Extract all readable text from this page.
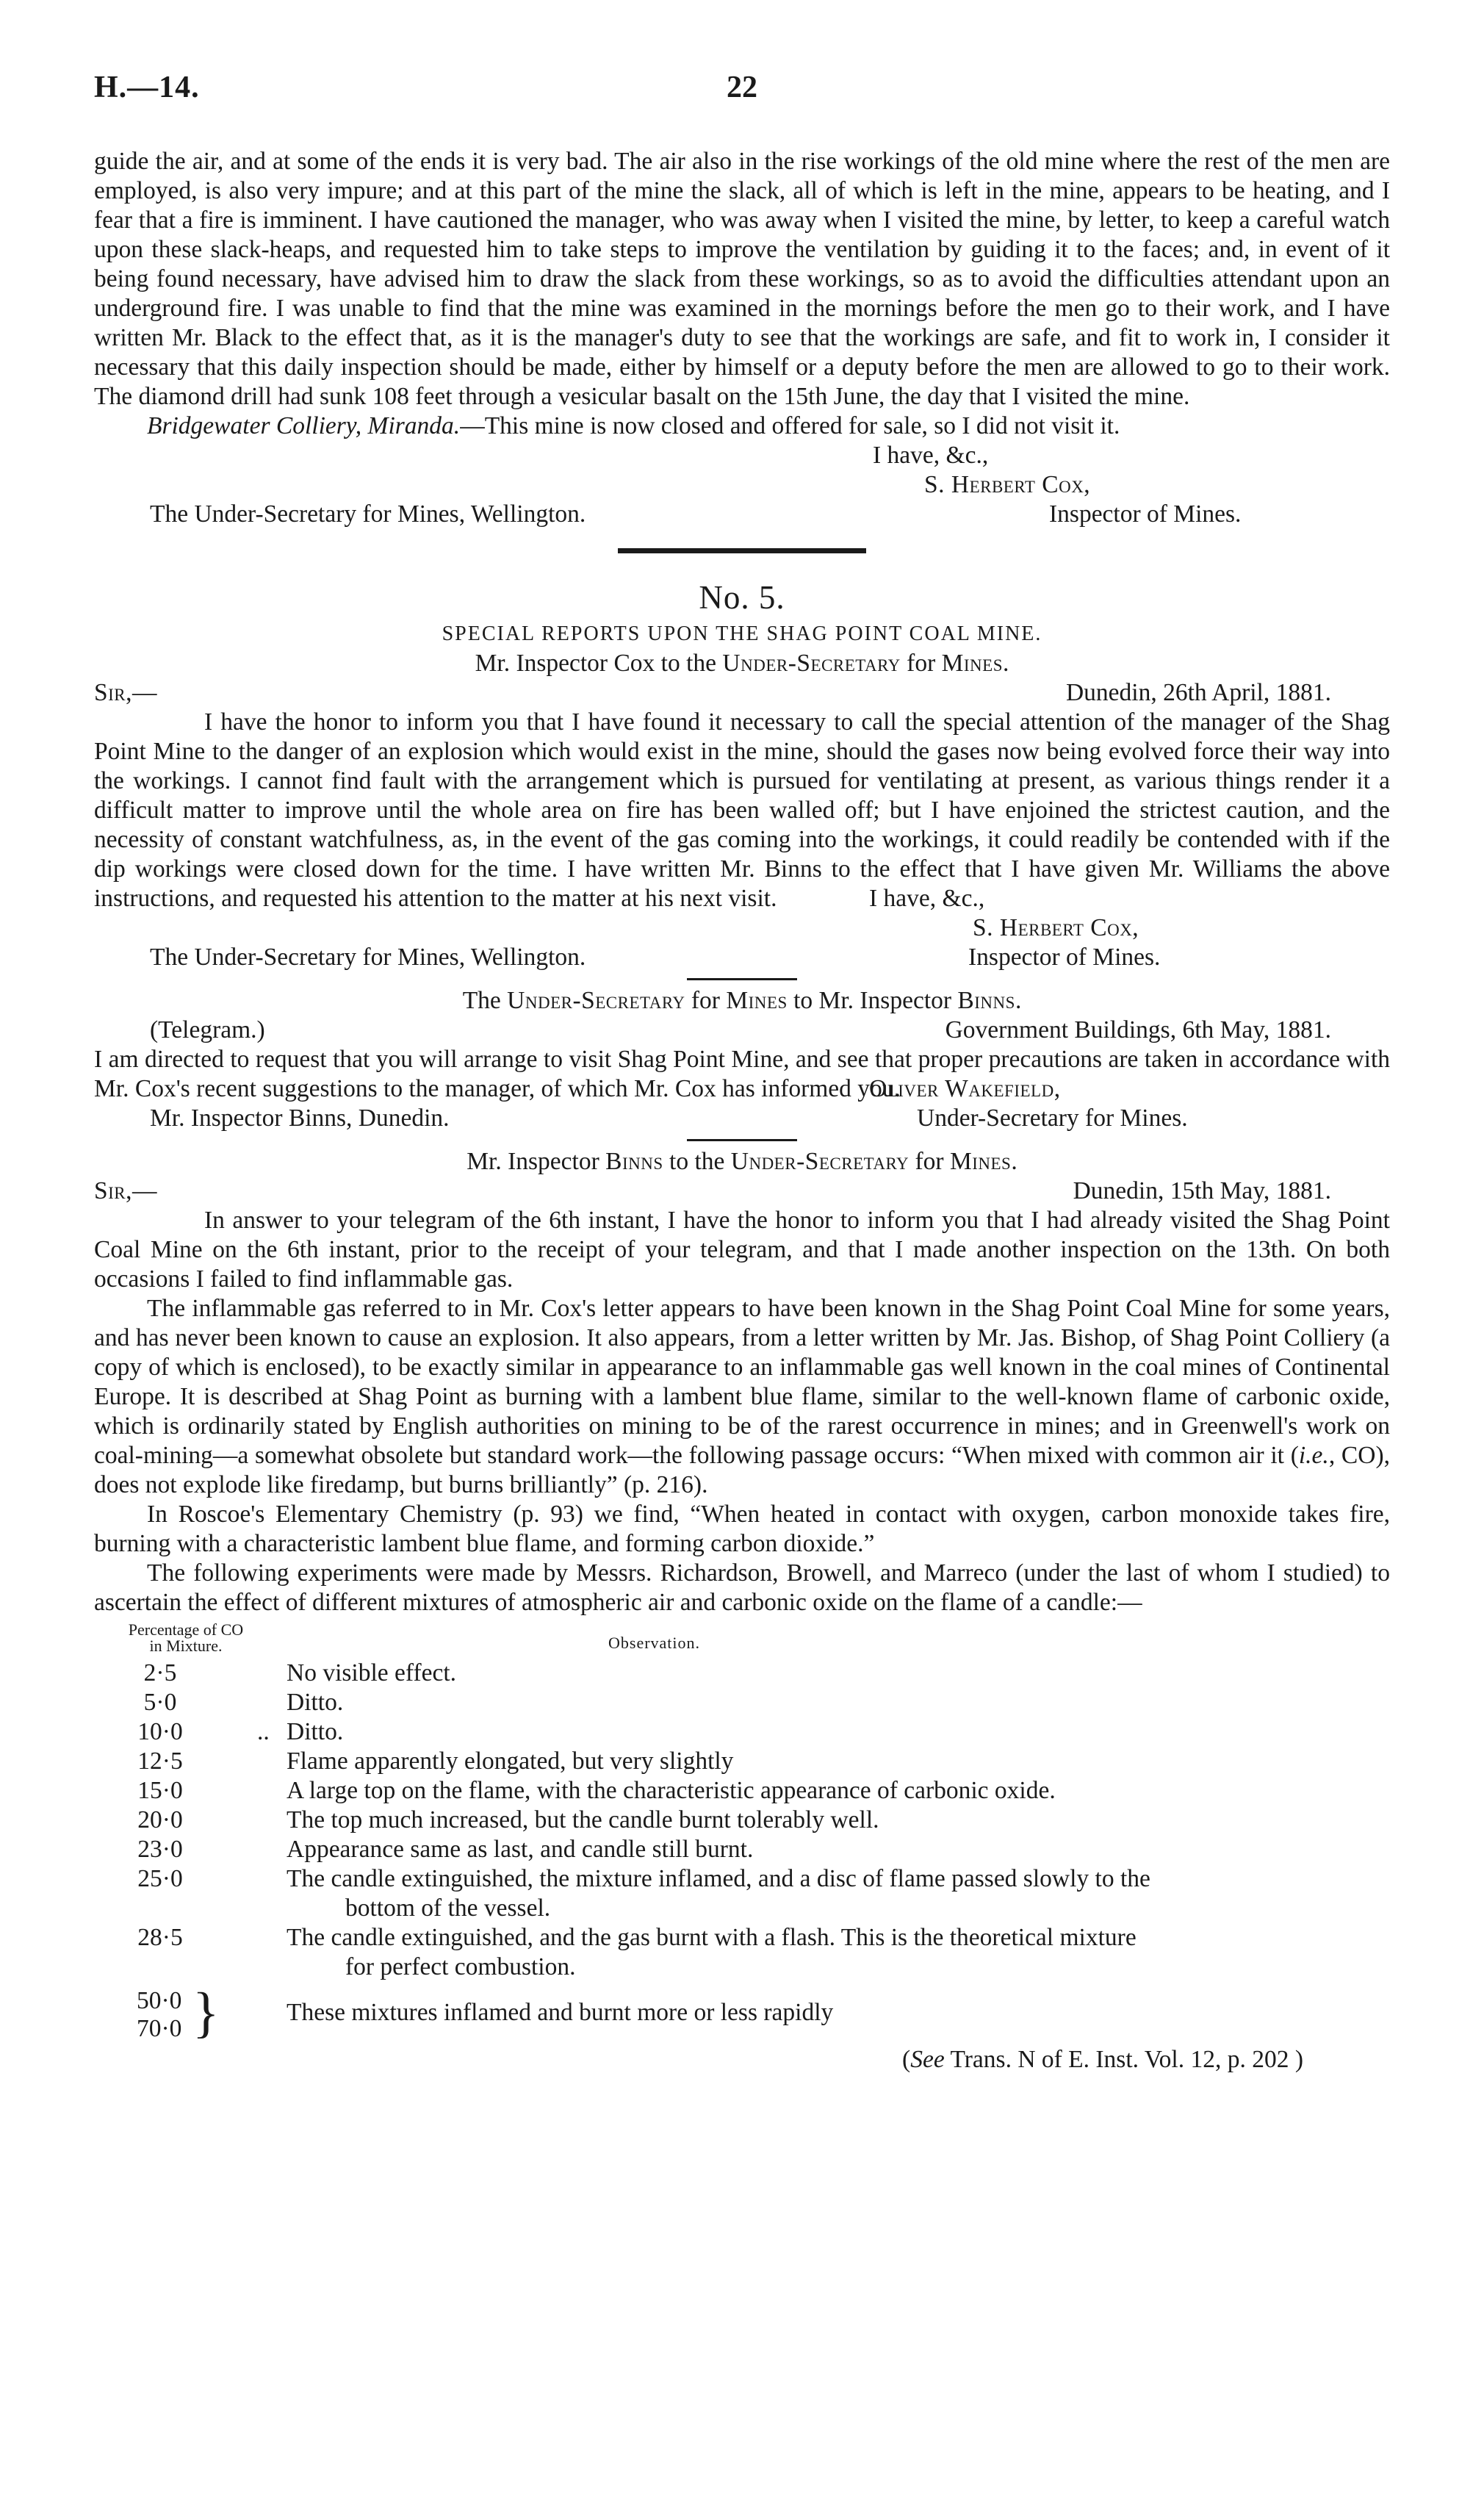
H.—14.	22

guide the air, and at some of the ends it is very bad. The air also in the rise workings of the old mine where the rest of the men are employed, is also very impure; and at this part of the mine the slack, all of which is left in the mine, appears to be heating, and I fear that a fire is imminent. I have cautioned the manager, who was away when I visited the mine, by letter, to keep a careful watch upon these slack-heaps, and requested him to take steps to improve the ventilation by guiding it to the faces; and, in event of it being found necessary, have advised him to draw the slack from these workings, so as to avoid the difficulties attendant upon an underground fire. I was unable to find that the mine was examined in the mornings before the men go to their work, and I have written Mr. Black to the effect that, as it is the manager's duty to see that the workings are safe, and fit to work in, I consider it necessary that this daily inspection should be made, either by himself or a deputy before the men are allowed to go to their work. The diamond drill had sunk 108 feet through a vesicular basalt on the 15th June, the day that I visited the mine.

Bridgewater Colliery, Miranda.—This mine is now closed and offered for sale, so I did not visit it.

I have, &c.,
S. Herbert Cox,
The Under-Secretary for Mines, Wellington.	Inspector of Mines.
No. 5.
SPECIAL REPORTS UPON THE SHAG POINT COAL MINE.
Mr. Inspector Cox to the Under-Secretary for Mines.
Sir,—	Dunedin, 26th April, 1881.

I have the honor to inform you that I have found it necessary to call the special attention of the manager of the Shag Point Mine to the danger of an explosion which would exist in the mine, should the gases now being evolved force their way into the workings. I cannot find fault with the arrangement which is pursued for ventilating at present, as various things render it a difficult matter to improve until the whole area on fire has been walled off; but I have enjoined the strictest caution, and the necessity of constant watchfulness, as, in the event of the gas coming into the workings, it could readily be contended with if the dip workings were closed down for the time. I have written Mr. Binns to the effect that I have given Mr. Williams the above instructions, and requested his attention to the matter at his next visit.	I have, &c.,
S. Herbert Cox,
The Under-Secretary for Mines, Wellington.	Inspector of Mines.
The Under-Secretary for Mines to Mr. Inspector Binns.
(Telegram.)	Government Buildings, 6th May, 1881.

I am directed to request that you will arrange to visit Shag Point Mine, and see that proper precautions are taken in accordance with Mr. Cox's recent suggestions to the manager, of which Mr. Cox has informed you.

Oliver Wakefield,
Mr. Inspector Binns, Dunedin.	Under-Secretary for Mines.
Mr. Inspector Binns to the Under-Secretary for Mines.
Sir,—	Dunedin, 15th May, 1881.

In answer to your telegram of the 6th instant, I have the honor to inform you that I had already visited the Shag Point Coal Mine on the 6th instant, prior to the receipt of your telegram, and that I made another inspection on the 13th. On both occasions I failed to find inflammable gas.

The inflammable gas referred to in Mr. Cox's letter appears to have been known in the Shag Point Coal Mine for some years, and has never been known to cause an explosion. It also appears, from a letter written by Mr. Jas. Bishop, of Shag Point Colliery (a copy of which is enclosed), to be exactly similar in appearance to an inflammable gas well known in the coal mines of Continental Europe. It is described at Shag Point as burning with a lambent blue flame, similar to the well-known flame of carbonic oxide, which is ordinarily stated by English authorities on mining to be of the rarest occurrence in mines; and in Greenwell's work on coal-mining—a somewhat obsolete but standard work—the following passage occurs: “When mixed with common air it (i.e., CO), does not explode like firedamp, but burns brilliantly” (p. 216).

In Roscoe's Elementary Chemistry (p. 93) we find, “When heated in contact with oxygen, carbon monoxide takes fire, burning with a characteristic lambent blue flame, and forming carbon dioxide.”

The following experiments were made by Messrs. Richardson, Browell, and Marreco (under the last of whom I studied) to ascertain the effect of different mixtures of atmospheric air and carbonic oxide on the flame of a candle:—

Percentage of CO
in Mixture.	Observation.
2·5	No visible effect.
5·0	Ditto.
10·0	.. Ditto.
12·5	Flame apparently elongated, but very slightly
15·0	A large top on the flame, with the characteristic appearance of carbonic oxide.
20·0	The top much increased, but the candle burnt tolerably well.
23·0	Appearance same as last, and candle still burnt.
25·0	The candle extinguished, the mixture inflamed, and a disc of flame passed slowly to the
bottom of the vessel.
28·5	The candle extinguished, and the gas burnt with a flash. This is the theoretical mixture
for perfect combustion.
50·0
70·0 }	These mixtures inflamed and burnt more or less rapidly
(See Trans. N of E. Inst. Vol. 12, p. 202 )
